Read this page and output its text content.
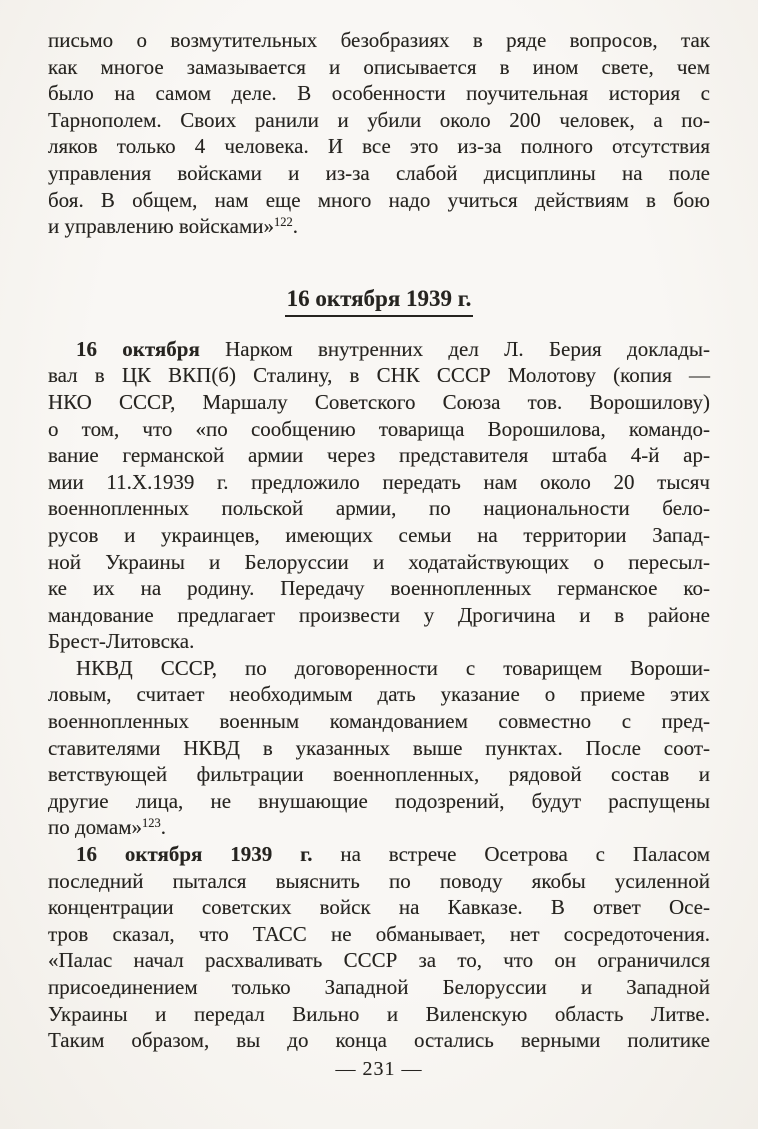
письмо о возмутительных безобразиях в ряде вопросов, так
как многое замазывается и описывается в ином свете, чем
было на самом деле. В особенности поучительная история с
Тарнополем. Своих ранили и убили около 200 человек, а по-
ляков только 4 человека. И все это из-за полного отсутствия
управления войсками и из-за слабой дисциплины на поле
боя. В общем, нам еще много надо учиться действиям в бою
и управлению войсками»$^{122}$.
16 октября 1939 г.
16 октября Нарком внутренних дел Л. Берия доклады-
вал в ЦК ВКП(б) Сталину, в СНК СССР Молотову (копия —
НКО СССР, Маршалу Советского Союза тов. Ворошилову)
о том, что «по сообщению товарища Ворошилова, командо-
вание германской армии через представителя штаба 4-й ар-
мии 11.X.1939 г. предложило передать нам около 20 тысяч
военнопленных польской армии, по национальности бело-
русов и украинцев, имеющих семьи на территории Запад-
ной Украины и Белоруссии и ходатайствующих о пересыл-
ке их на родину. Передачу военнопленных германское ко-
мандование предлагает произвести у Дрогичина и в районе
Брест-Литовска.
НКВД СССР, по договоренности с товарищем Вороши-
ловым, считает необходимым дать указание о приеме этих
военнопленных военным командованием совместно с пред-
ставителями НКВД в указанных выше пунктах. После соот-
ветствующей фильтрации военнопленных, рядовой состав и
другие лица, не внушающие подозрений, будут распущены
по домам»$^{123}$.
16 октября 1939 г. на встрече Осетрова с Паласом
последний пытался выяснить по поводу якобы усиленной
концентрации советских войск на Кавказе. В ответ Осе-
тров сказал, что ТАСС не обманывает, нет сосредоточения.
«Палас начал расхваливать СССР за то, что он ограничился
присоединением только Западной Белоруссии и Западной
Украины и передал Вильно и Виленскую область Литве.
Таким образом, вы до конца остались верными политике
— 231 —
